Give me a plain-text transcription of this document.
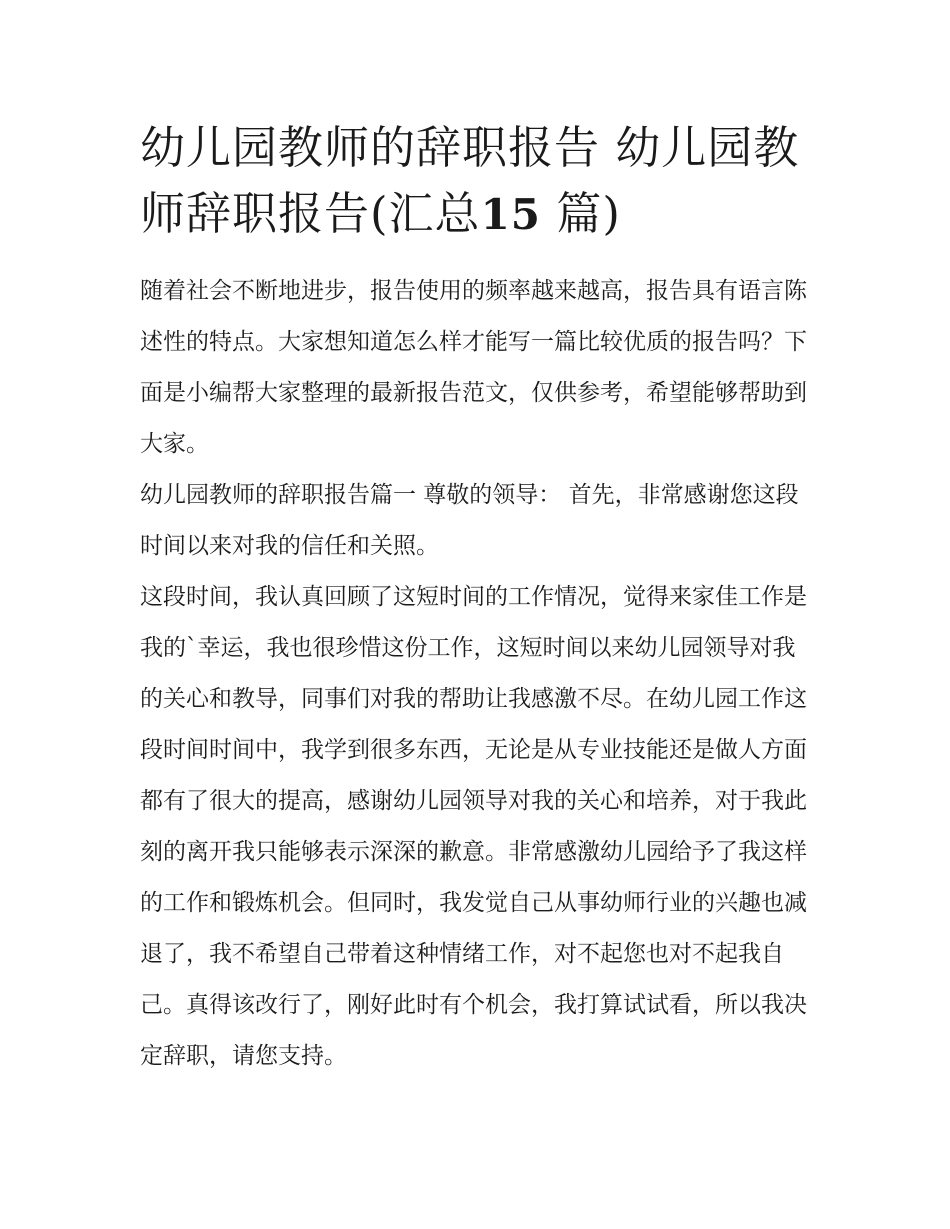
幼儿园教师的辞职报告 幼儿园教师辞职报告(汇总15 篇)

随着社会不断地进步，报告使用的频率越来越高，报告具有语言陈述性的特点。大家想知道怎么样才能写一篇比较优质的报告吗？下面是小编帮大家整理的最新报告范文，仅供参考，希望能够帮助到大家。

幼儿园教师的辞职报告篇一 尊敬的领导： 首先，非常感谢您这段时间以来对我的信任和关照。

这段时间，我认真回顾了这短时间的工作情况，觉得来家佳工作是我的`幸运，我也很珍惜这份工作，这短时间以来幼儿园领导对我的关心和教导，同事们对我的帮助让我感激不尽。在幼儿园工作这段时间时间中，我学到很多东西，无论是从专业技能还是做人方面都有了很大的提高，感谢幼儿园领导对我的关心和培养，对于我此刻的离开我只能够表示深深的歉意。非常感激幼儿园给予了我这样的工作和锻炼机会。但同时，我发觉自己从事幼师行业的兴趣也减退了，我不希望自己带着这种情绪工作，对不起您也对不起我自己。真得该改行了，刚好此时有个机会，我打算试试看，所以我决定辞职，请您支持。
